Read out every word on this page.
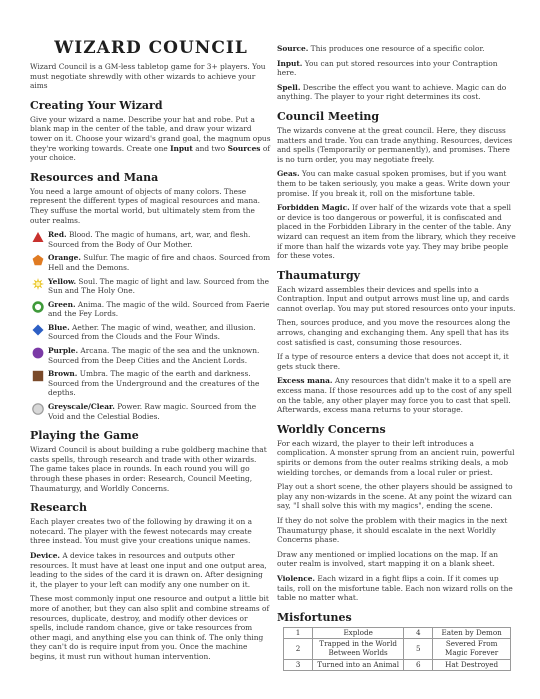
WIZARD COUNCIL

Wizard Council is a GM-less tabletop game for 3+ players. You must negotiate shrewdly with other wizards to achieve your aims

Creating Your Wizard

Give your wizard a name. Describe your hat and robe. Put a blank map in the center of the table, and draw your wizard tower on it. Choose your wizard's grand goal, the magnum opus they're working towards. Create one Input and two Sources of your choice.

Resources and Mana

You need a large amount of objects of many colors. These represent the different types of magical resources and mana. They suffuse the mortal world, but ultimately stem from the outer realms.

Red. Blood. The magic of humans, art, war, and flesh. Sourced from the Body of Our Mother.

Orange. Sulfur. The magic of fire and chaos. Sourced from Hell and the Demons.

Yellow. Soul. The magic of light and law. Sourced from the Sun and The Holy One.

Green. Anima. The magic of the wild. Sourced from Faerie and the Fey Lords.

Blue. Aether. The magic of wind, weather, and illusion. Sourced from the Clouds and the Four Winds.

Purple. Arcana. The magic of the sea and the unknown. Sourced from the Deep Cities and the Ancient Lords.

Brown. Umbra. The magic of the earth and darkness. Sourced from the Underground and the creatures of the depths.

Greyscale/Clear. Power. Raw magic. Sourced from the Void and the Celestial Bodies.

Playing the Game

Wizard Council is about building a rube goldberg machine that casts spells, through research and trade with other wizards. The game takes place in rounds. In each round you will go through these phases in order: Research, Council Meeting, Thaumaturgy, and Worldly Concerns.

Research

Each player creates two of the following by drawing it on a notecard. The player with the fewest notecards may create three instead. You must give your creations unique names.

Device. A device takes in resources and outputs other resources. It must have at least one input and one output area, leading to the sides of the card it is drawn on. After designing it, the player to your left can modify any one number on it.

These most commonly input one resource and output a little bit more of another, but they can also split and combine streams of resources, duplicate, destroy, and modify other devices or spells, include random chance, give or take resources from other magi, and anything else you can think of. The only thing they can't do is require input from you. Once the machine begins, it must run without human intervention.

Source. This produces one resource of a specific color.

Input. You can put stored resources into your Contraption here.

Spell. Describe the effect you want to achieve. Magic can do anything. The player to your right determines its cost.

Council Meeting

The wizards convene at the great council. Here, they discuss matters and trade. You can trade anything. Resources, devices and spells (Temporarily or permanently), and promises. There is no turn order, you may negotiate freely.

Geas. You can make casual spoken promises, but if you want them to be taken seriously, you make a geas. Write down your promise. If you break it, roll on the misfortune table.

Forbidden Magic. If over half of the wizards vote that a spell or device is too dangerous or powerful, it is confiscated and placed in the Forbidden Library in the center of the table. Any wizard can request an item from the library, which they receive if more than half the wizards vote yay. They may bribe people for these votes.

Thaumaturgy

Each wizard assembles their devices and spells into a Contraption. Input and output arrows must line up, and cards cannot overlap. You may put stored resources onto your inputs.

Then, sources produce, and you move the resources along the arrows, changing and exchanging them. Any spell that has its cost satisfied is cast, consuming those resources.

If a type of resource enters a device that does not accept it, it gets stuck there.

Excess mana. Any resources that didn't make it to a spell are excess mana. If those resources add up to the cost of any spell on the table, any other player may force you to cast that spell. Afterwards, excess mana returns to your storage.

Worldly Concerns

For each wizard, the player to their left introduces a complication. A monster sprung from an ancient ruin, powerful spirits or demons from the outer realms striking deals, a mob wielding torches, or demands from a local ruler or priest.

Play out a short scene, the other players should be assigned to play any non-wizards in the scene. At any point the wizard can say, "I shall solve this with my magics", ending the scene.

If they do not solve the problem with their magics in the next Thaumaturgy phase, it should escalate in the next Worldly Concerns phase.

Draw any mentioned or implied locations on the map. If an outer realm is involved, start mapping it on a blank sheet.

Violence. Each wizard in a fight flips a coin. If it comes up tails, roll on the misfortune table. Each non wizard rolls on the table no matter what.

Misfortunes
1	Explode	4	Eaten by Demon
2	Trapped in the World Between Worlds	5	Severed From Magic Forever
3	Turned into an Animal	6	Hat Destroyed
